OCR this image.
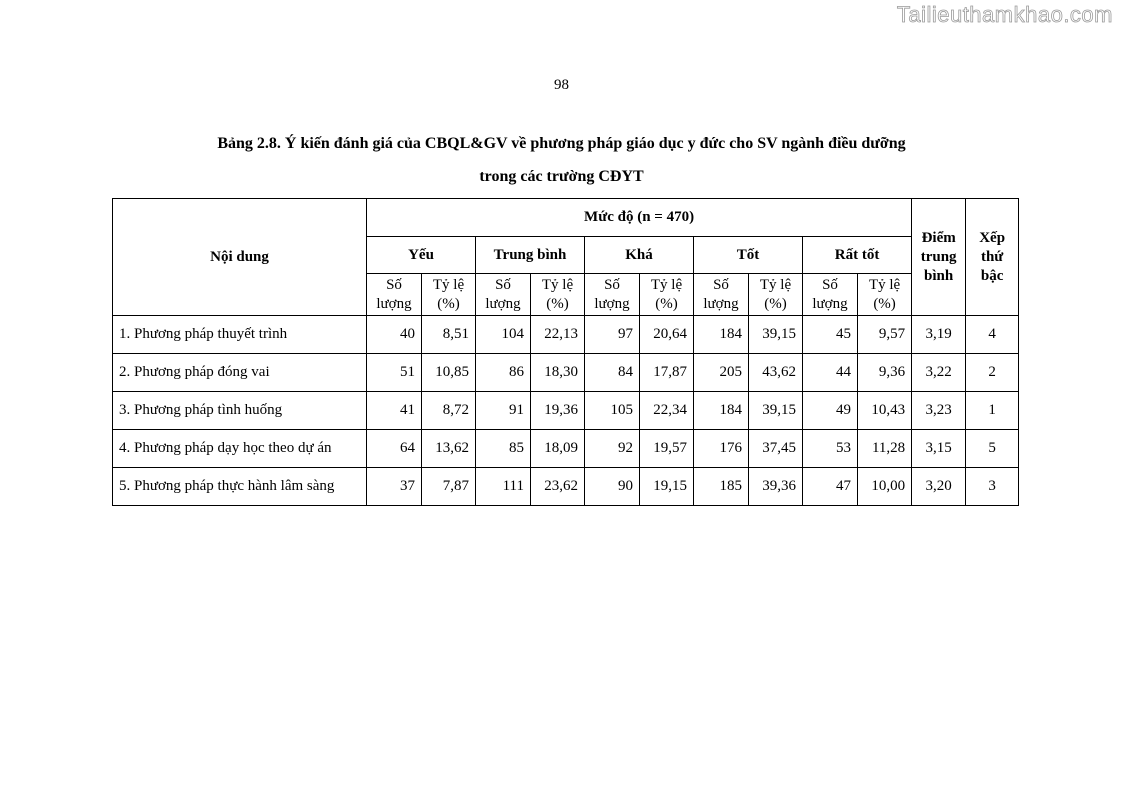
Tailieuthamkhao.com
98
Bảng 2.8. Ý kiến đánh giá của CBQL&GV về phương pháp giáo dục y đức cho SV ngành điều dưỡng
trong các trường CĐYT
Nội dung	Mức độ (n = 470)										Điểm trung bình	Xếp thứ bậc
	Yếu		Trung bình		Khá		Tốt		Rất tốt			
	Số lượng	Tỷ lệ (%)	Số lượng	Tỷ lệ (%)	Số lượng	Tỷ lệ (%)	Số lượng	Tỷ lệ (%)	Số lượng	Tỷ lệ (%)		
1. Phương pháp thuyết trình	40	8,51	104	22,13	97	20,64	184	39,15	45	9,57	3,19	4
2. Phương pháp đóng vai	51	10,85	86	18,30	84	17,87	205	43,62	44	9,36	3,22	2
3. Phương pháp tình huống	41	8,72	91	19,36	105	22,34	184	39,15	49	10,43	3,23	1
4. Phương pháp dạy học theo dự án	64	13,62	85	18,09	92	19,57	176	37,45	53	11,28	3,15	5
5. Phương pháp thực hành lâm sàng	37	7,87	111	23,62	90	19,15	185	39,36	47	10,00	3,20	3
